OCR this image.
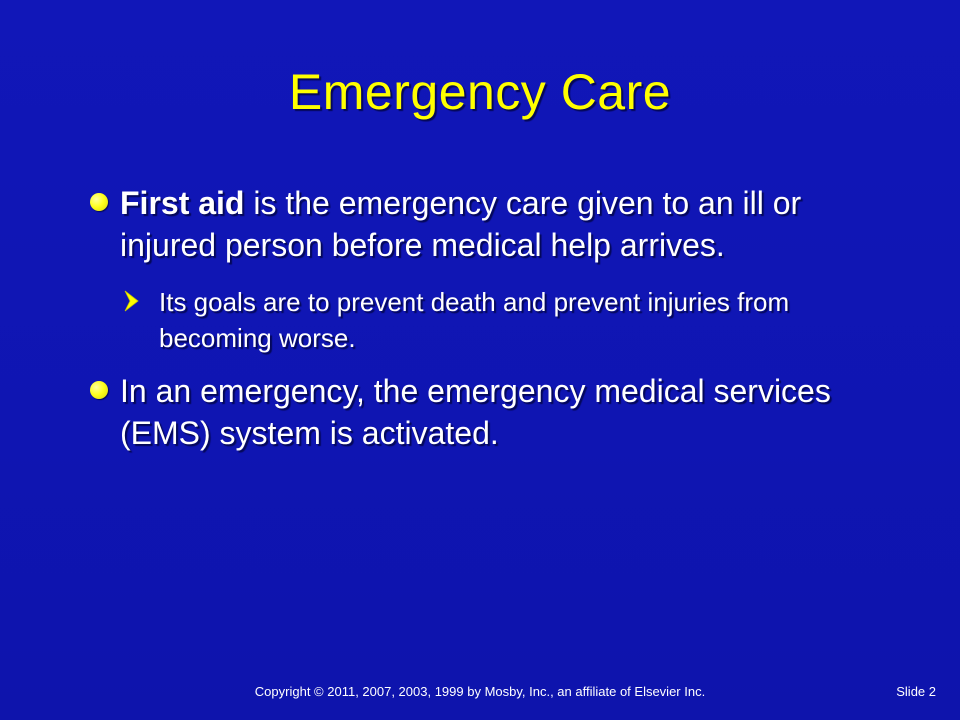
Emergency Care
First aid is the emergency care given to an ill or injured person before medical help arrives.
Its goals are to prevent death and prevent injuries from becoming worse.
In an emergency, the emergency medical services (EMS) system is activated.
Copyright © 2011, 2007, 2003, 1999 by Mosby, Inc., an affiliate of Elsevier Inc.	Slide 2
